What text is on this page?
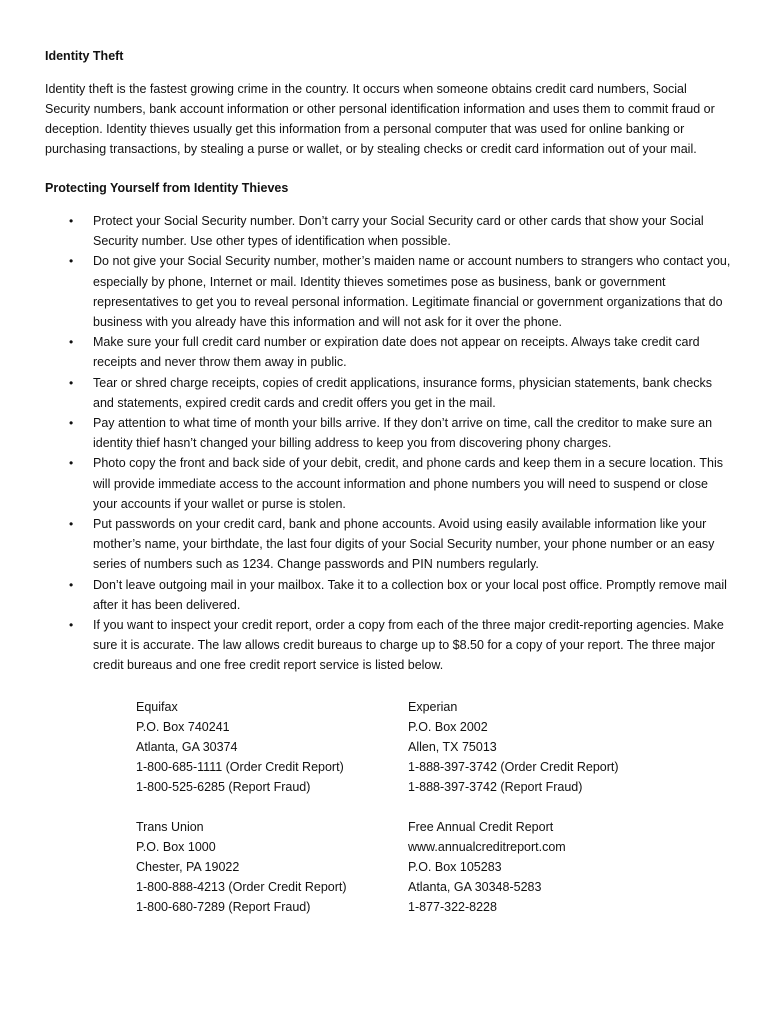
Identity Theft

Identity theft is the fastest growing crime in the country. It occurs when someone obtains credit card numbers, Social Security numbers, bank account information or other personal identification information and uses them to commit fraud or deception. Identity thieves usually get this information from a personal computer that was used for online banking or purchasing transactions, by stealing a purse or wallet, or by stealing checks or credit card information out of your mail.

Protecting Yourself from Identity Thieves
• Protect your Social Security number. Don’t carry your Social Security card or other cards that show your Social Security number. Use other types of identification when possible.
• Do not give your Social Security number, mother’s maiden name or account numbers to strangers who contact you, especially by phone, Internet or mail. Identity thieves sometimes pose as business, bank or government representatives to get you to reveal personal information. Legitimate financial or government organizations that do business with you already have this information and will not ask for it over the phone.
• Make sure your full credit card number or expiration date does not appear on receipts. Always take credit card receipts and never throw them away in public.
• Tear or shred charge receipts, copies of credit applications, insurance forms, physician statements, bank checks and statements, expired credit cards and credit offers you get in the mail.
• Pay attention to what time of month your bills arrive. If they don’t arrive on time, call the creditor to make sure an identity thief hasn’t changed your billing address to keep you from discovering phony charges.
• Photo copy the front and back side of your debit, credit, and phone cards and keep them in a secure location. This will provide immediate access to the account information and phone numbers you will need to suspend or close your accounts if your wallet or purse is stolen.
• Put passwords on your credit card, bank and phone accounts. Avoid using easily available information like your mother’s name, your birthdate, the last four digits of your Social Security number, your phone number or an easy series of numbers such as 1234. Change passwords and PIN numbers regularly.
• Don’t leave outgoing mail in your mailbox. Take it to a collection box or your local post office. Promptly remove mail after it has been delivered.
• If you want to inspect your credit report, order a copy from each of the three major credit-reporting agencies. Make sure it is accurate. The law allows credit bureaus to charge up to $8.50 for a copy of your report. The three major credit bureaus and one free credit report service is listed below.
Equifax
P.O. Box 740241
Atlanta, GA 30374
1-800-685-1111 (Order Credit Report)
1-800-525-6285 (Report Fraud)
Experian
P.O. Box 2002
Allen, TX 75013
1-888-397-3742 (Order Credit Report)
1-888-397-3742 (Report Fraud)
Trans Union
P.O. Box 1000
Chester, PA 19022
1-800-888-4213 (Order Credit Report)
1-800-680-7289 (Report Fraud)
Free Annual Credit Report
www.annualcreditreport.com
P.O. Box 105283
Atlanta, GA 30348-5283
1-877-322-8228
